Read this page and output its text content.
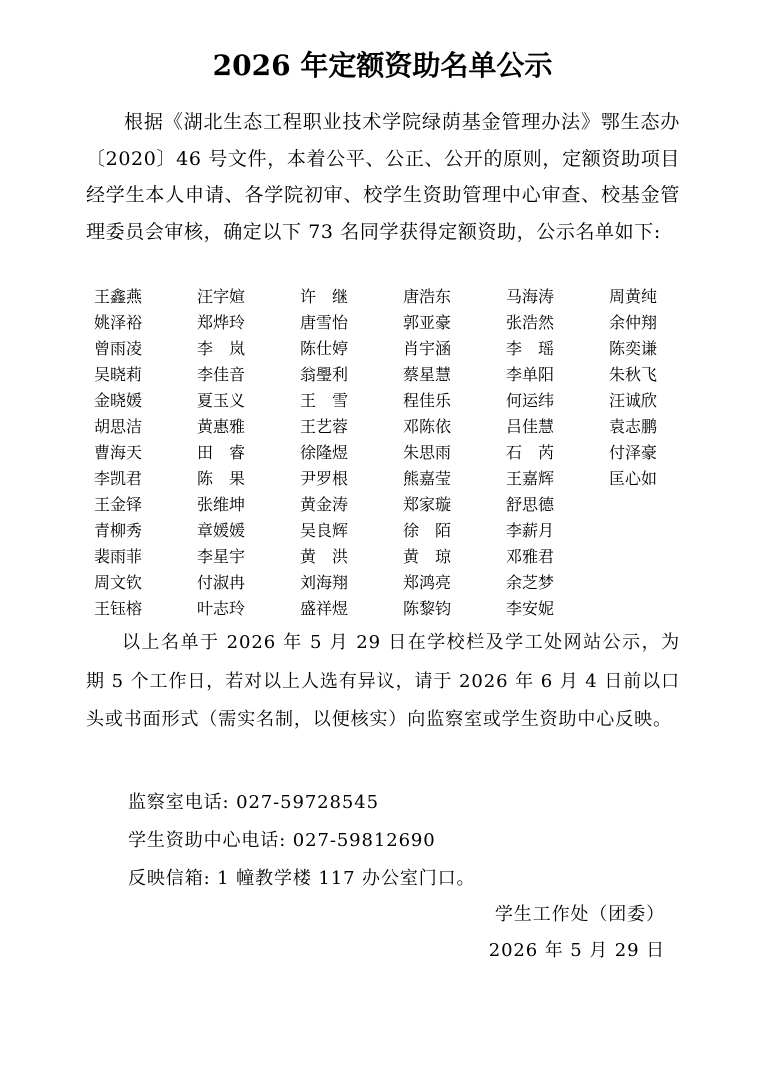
2026 年定额资助名单公示

根据《湖北生态工程职业技术学院绿荫基金管理办法》鄂生态办〔2020〕46 号文件，本着公平、公正、公开的原则，定额资助项目经学生本人申请、各学院初审、校学生资助管理中心审查、校基金管理委员会审核，确定以下 73 名同学获得定额资助，公示名单如下:

王鑫燕	汪字媗	许　继	唐浩东	马海涛	周黄纯
姚泽裕	郑烨玲	唐雪怡	郭亚豪	张浩然	余仲翔
曾雨凌	李　岚	陈仕婷	肖宇涵	李　瑶	陈奕谦
吴晓莉	李佳音	翁璺利	蔡星慧	李单阳	朱秋飞
金晓媛	夏玉义	王　雪	程佳乐	何运纬	汪诚欣
胡思洁	黄惠雅	王艺蓉	邓陈依	吕佳慧	袁志鹏
曹海天	田　睿	徐隆煜	朱思雨	石　芮	付泽豪
李凯君	陈　果	尹罗根	熊嘉莹	王嘉辉	匡心如
王金铎	张维坤	黄金涛	郑家璇	舒思德
青柳秀	章媛媛	吴良辉	徐　陌	李薪月
裴雨菲	李星宇	黄　洪	黄　琼	邓雅君
周文钦	付淑冉	刘海翔	郑鸿亮	余芝梦
王钰榕	叶志玲	盛祥煜	陈黎钧	李安妮

以上名单于 2026 年 5 月 29 日在学校栏及学工处网站公示，为期 5 个工作日，若对以上人选有异议，请于 2026 年 6 月 4 日前以口头或书面形式（需实名制，以便核实）向监察室或学生资助中心反映。

监察室电话: 027-59728545

学生资助中心电话: 027-59812690

反映信箱: 1 幢教学楼 117 办公室门口。

学生工作处（团委）

2026 年 5 月 29 日
